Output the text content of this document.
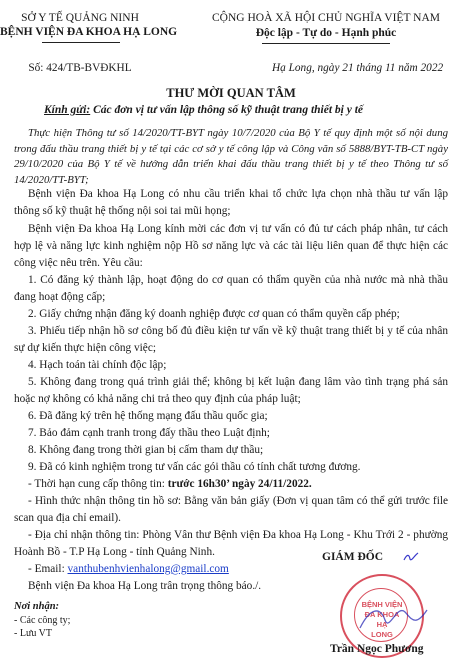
SỞ Y TẾ QUẢNG NINH
BỆNH VIỆN ĐA KHOA HẠ LONG
CỘNG HOÀ XÃ HỘI CHỦ NGHĨA VIỆT NAM
Độc lập - Tự do - Hạnh phúc
Số: 424/TB-BVĐKHL	Hạ Long, ngày 21 tháng 11 năm 2022
THƯ MỜI QUAN TÂM
Kính gửi: Các đơn vị tư vấn lập thông số kỹ thuật trang thiết bị y tế
Thực hiện Thông tư số 14/2020/TT-BYT ngày 10/7/2020 của Bộ Y tế quy định một số nội dung trong đấu thầu trang thiết bị y tế tại các cơ sở y tế công lập và Công văn số 5888/BYT-TB-CT ngày 29/10/2020 của Bộ Y tế về hướng dẫn triển khai đấu thầu trang thiết bị y tế theo Thông tư số 14/2020/TT-BYT;
Bệnh viện Đa khoa Hạ Long có nhu cầu triển khai tổ chức lựa chọn nhà thầu tư vấn lập thông số kỹ thuật hệ thống nội soi tai mũi họng;
Bệnh viện Đa khoa Hạ Long kính mời các đơn vị tư vấn có đủ tư cách pháp nhân, tư cách hợp lệ và năng lực kinh nghiệm nộp Hồ sơ năng lực và các tài liệu liên quan để thực hiện các công việc nêu trên. Yêu cầu:
1. Có đăng ký thành lập, hoạt động do cơ quan có thẩm quyền của nhà nước mà nhà thầu đang hoạt động cấp;
2. Giấy chứng nhận đăng ký doanh nghiệp được cơ quan có thẩm quyền cấp phép;
3. Phiếu tiếp nhận hồ sơ công bố đủ điều kiện tư vấn về kỹ thuật trang thiết bị y tế của nhân sự dự kiến thực hiện công việc;
4. Hạch toán tài chính độc lập;
5. Không đang trong quá trình giải thể; không bị kết luận đang lâm vào tình trạng phá sản hoặc nợ không có khả năng chi trả theo quy định của pháp luật;
6. Đã đăng ký trên hệ thống mạng đấu thầu quốc gia;
7. Bảo đảm cạnh tranh trong đấy thầu theo Luật định;
8. Không đang trong thời gian bị cấm tham dự thầu;
9. Đã có kinh nghiệm trong tư vấn các gói thầu có tính chất tương đương.
- Thời hạn cung cấp thông tin: trước 16h30’ ngày 24/11/2022.
- Hình thức nhận thông tin hồ sơ: Bằng văn bản giấy (Đơn vị quan tâm có thể gửi trước file scan qua địa chỉ email).
- Địa chỉ nhận thông tin: Phòng Vân thư Bệnh viện Đa khoa Hạ Long - Khu Trới 2 - phường Hoành Bồ - T.P Hạ Long - tỉnh Quảng Ninh.
- Email: vanthubenhvienhalong@gmail.com
Bệnh viện Đa khoa Hạ Long trân trọng thông báo./.
GIÁM ĐỐC
Nơi nhận:
- Các công ty;
- Lưu VT
BỆNH VIỆN
ĐA KHOA
HẠ
LONG
Trần Ngọc Phương
